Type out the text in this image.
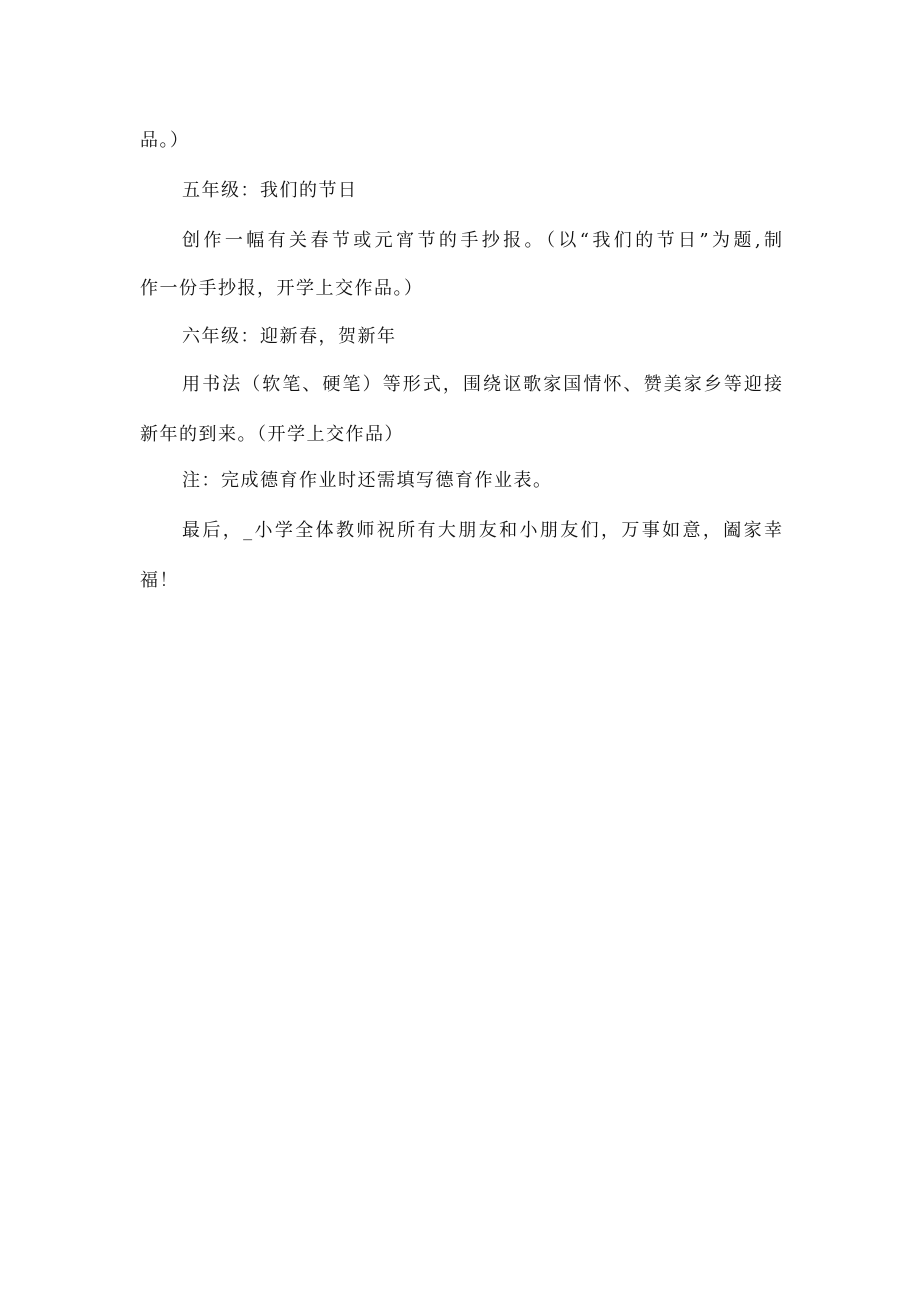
品。）
五年级：我们的节日
创作一幅有关春节或元宵节的手抄报。（以“我们的节日”为题,制
作一份手抄报，开学上交作品。）
六年级：迎新春，贺新年
用书法（软笔、硬笔）等形式，围绕讴歌家国情怀、赞美家乡等迎接
新年的到来。（开学上交作品）
注：完成德育作业时还需填写德育作业表。
最后，_小学全体教师祝所有大朋友和小朋友们，万事如意，阖家幸
福！
